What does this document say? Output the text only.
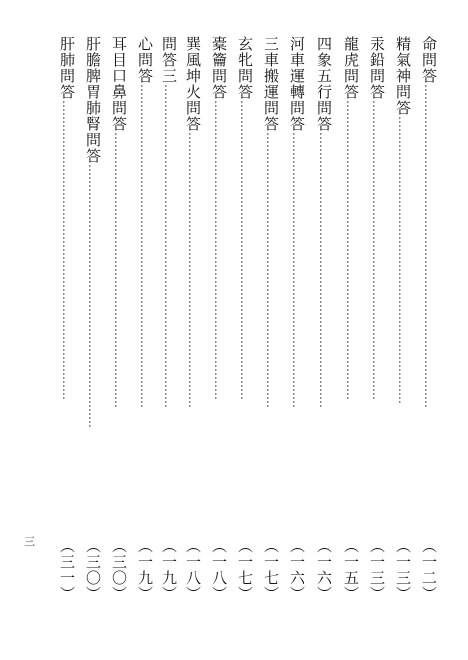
命問答
………………………………………………………………………
（一二）
精氣神問答
………………………………………………………………
（一三）
汞鉛問答
…………………………………………………………………
（一三）
龍虎問答
…………………………………………………………………
（一五）
四象五行問答
……………………………………………………………
（一六）
河車運轉問答
……………………………………………………………
（一六）
三車搬運問答
……………………………………………………………
（一七）
玄牝問答
…………………………………………………………………
（一七）
橐籥問答
…………………………………………………………………
（一八）
巽風坤火問答
……………………………………………………………
（一八）
問答三
………………………………………………………………………
（一九）
心問答
………………………………………………………………………
（一九）
耳目口鼻問答
……………………………………………………………
（三〇）
肝膽脾胃肺腎問答
…………………………………………………………
（三〇）
肝肺問答
…………………………………………………………………
（三一）
三
